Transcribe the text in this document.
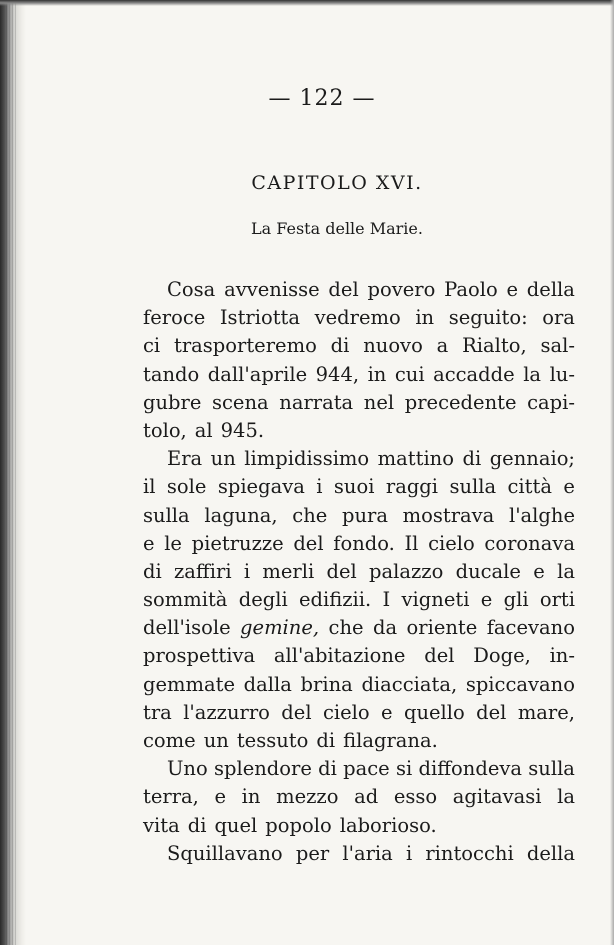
— 122 —
CAPITOLO XVI.
La Festa delle Marie.
Cosa avvenisse del povero Paolo e della
feroce Istriotta vedremo in seguito: ora
ci trasporteremo di nuovo a Rialto, sal-
tando dall'aprile 944, in cui accadde la lu-
gubre scena narrata nel precedente capi-
tolo, al 945.
Era un limpidissimo mattino di gennaio;
il sole spiegava i suoi raggi sulla città e
sulla laguna, che pura mostrava l'alghe
e le pietruzze del fondo. Il cielo coronava
di zaffiri i merli del palazzo ducale e la
sommità degli edifizii. I vigneti e gli orti
dell'isole gemine, che da oriente facevano
prospettiva all'abitazione del Doge, in-
gemmate dalla brina diacciata, spiccavano
tra l'azzurro del cielo e quello del mare,
come un tessuto di filagrana.
Uno splendore di pace si diffondeva sulla
terra, e in mezzo ad esso agitavasi la
vita di quel popolo laborioso.
Squillavano per l'aria i rintocchi della
